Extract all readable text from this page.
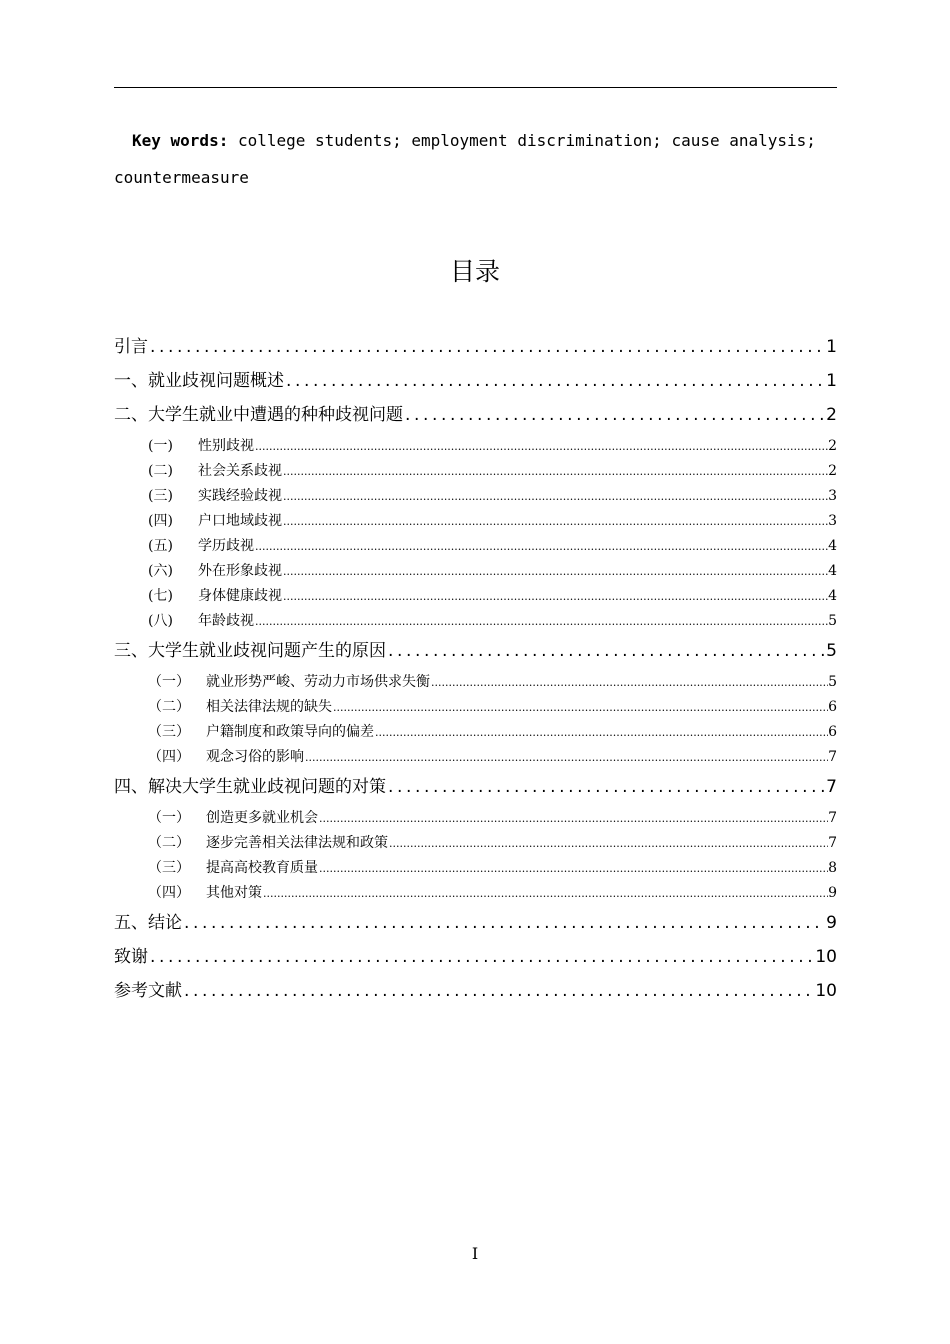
Key words: college students; employment discrimination; cause analysis;
countermeasure
目录
引言 .....	1
一、就业歧视问题概述 .....	1
二、大学生就业中遭遇的种种歧视问题 .....	2
(一)	性别歧视 .....	2
(二)	社会关系歧视 .....	2
(三)	实践经验歧视 .....	3
(四)	户口地域歧视 .....	3
(五)	学历歧视 .....	4
(六)	外在形象歧视 .....	4
(七)	身体健康歧视 .....	4
(八)	年龄歧视 .....	5
三、大学生就业歧视问题产生的原因 .....	5
（一）	就业形势严峻、劳动力市场供求失衡 .....	5
（二）	相关法律法规的缺失 .....	6
（三）	户籍制度和政策导向的偏差 .....	6
（四）	观念习俗的影响 .....	7
四、解决大学生就业歧视问题的对策 .....	7
（一）	创造更多就业机会 .....	7
（二）	逐步完善相关法律法规和政策 .....	7
（三）	提高高校教育质量 .....	8
（四）	其他对策 .....	9
五、结论 .....	9
致谢 .....	10
参考文献 .....	10
I
